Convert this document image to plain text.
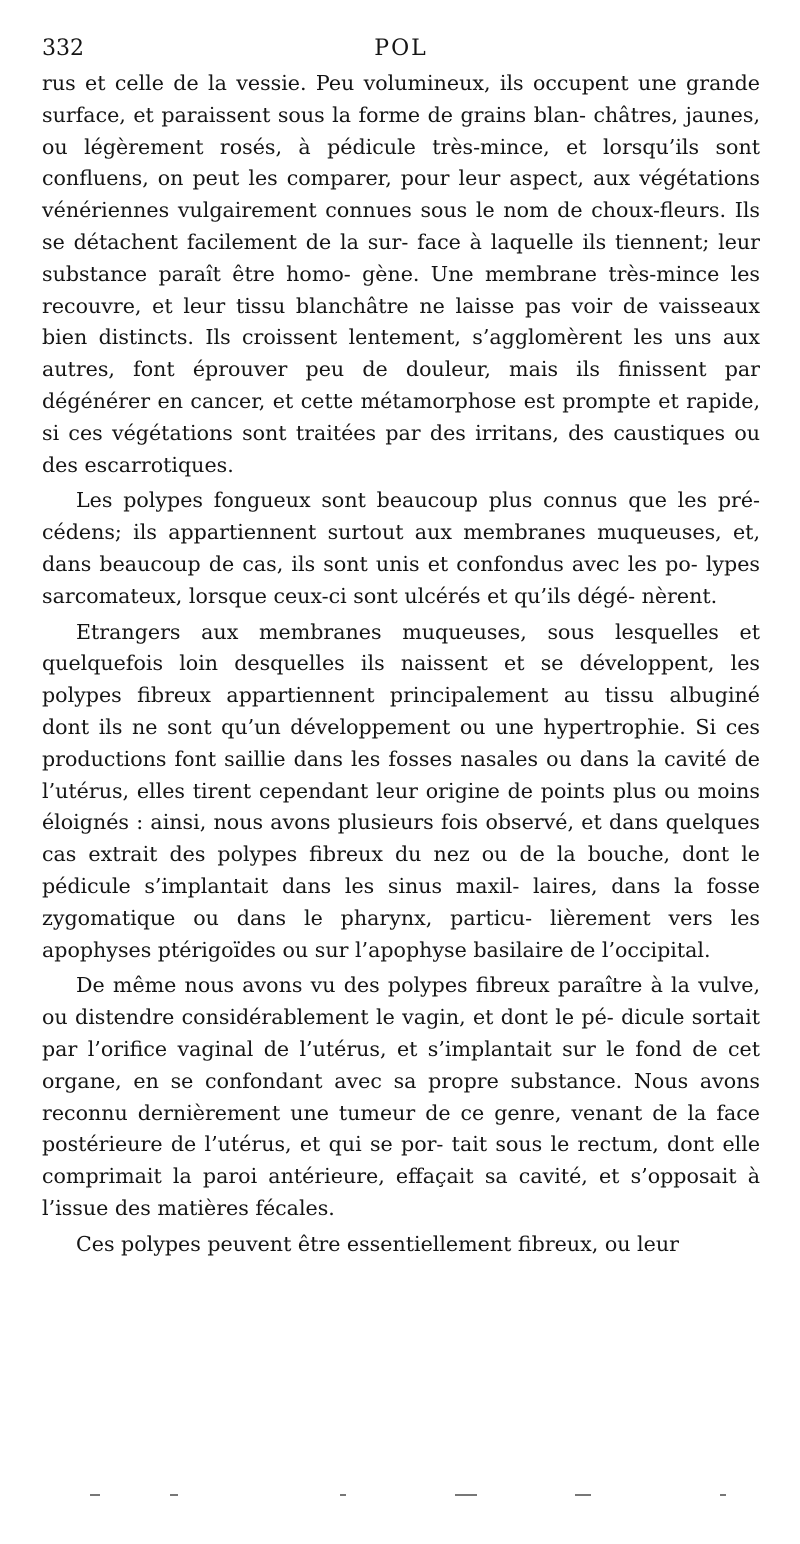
332	POL

rus et celle de la vessie. Peu volumineux, ils occupent une grande surface, et paraissent sous la forme de grains blan- châtres, jaunes, ou légèrement rosés, à pédicule très-mince, et lorsqu’ils sont confluens, on peut les comparer, pour leur aspect, aux végétations vénériennes vulgairement connues sous le nom de choux-fleurs. Ils se détachent facilement de la sur- face à laquelle ils tiennent; leur substance paraît être homo- gène. Une membrane très-mince les recouvre, et leur tissu blanchâtre ne laisse pas voir de vaisseaux bien distincts. Ils croissent lentement, s’agglomèrent les uns aux autres, font éprouver peu de douleur, mais ils finissent par dégénérer en cancer, et cette métamorphose est prompte et rapide, si ces végétations sont traitées par des irritans, des caustiques ou des escarrotiques.

Les polypes fongueux sont beaucoup plus connus que les pré- cédens; ils appartiennent surtout aux membranes muqueuses, et, dans beaucoup de cas, ils sont unis et confondus avec les po- lypes sarcomateux, lorsque ceux-ci sont ulcérés et qu’ils dégé- nèrent.

Etrangers aux membranes muqueuses, sous lesquelles et quelquefois loin desquelles ils naissent et se développent, les polypes fibreux appartiennent principalement au tissu albuginé dont ils ne sont qu’un développement ou une hypertrophie. Si ces productions font saillie dans les fosses nasales ou dans la cavité de l’utérus, elles tirent cependant leur origine de points plus ou moins éloignés : ainsi, nous avons plusieurs fois observé, et dans quelques cas extrait des polypes fibreux du nez ou de la bouche, dont le pédicule s’implantait dans les sinus maxil- laires, dans la fosse zygomatique ou dans le pharynx, particu- lièrement vers les apophyses ptérigoïdes ou sur l’apophyse basilaire de l’occipital.

De même nous avons vu des polypes fibreux paraître à la vulve, ou distendre considérablement le vagin, et dont le pé- dicule sortait par l’orifice vaginal de l’utérus, et s’implantait sur le fond de cet organe, en se confondant avec sa propre substance. Nous avons reconnu dernièrement une tumeur de ce genre, venant de la face postérieure de l’utérus, et qui se por- tait sous le rectum, dont elle comprimait la paroi antérieure, effaçait sa cavité, et s’opposait à l’issue des matières fécales.

Ces polypes peuvent être essentiellement fibreux, ou leur
